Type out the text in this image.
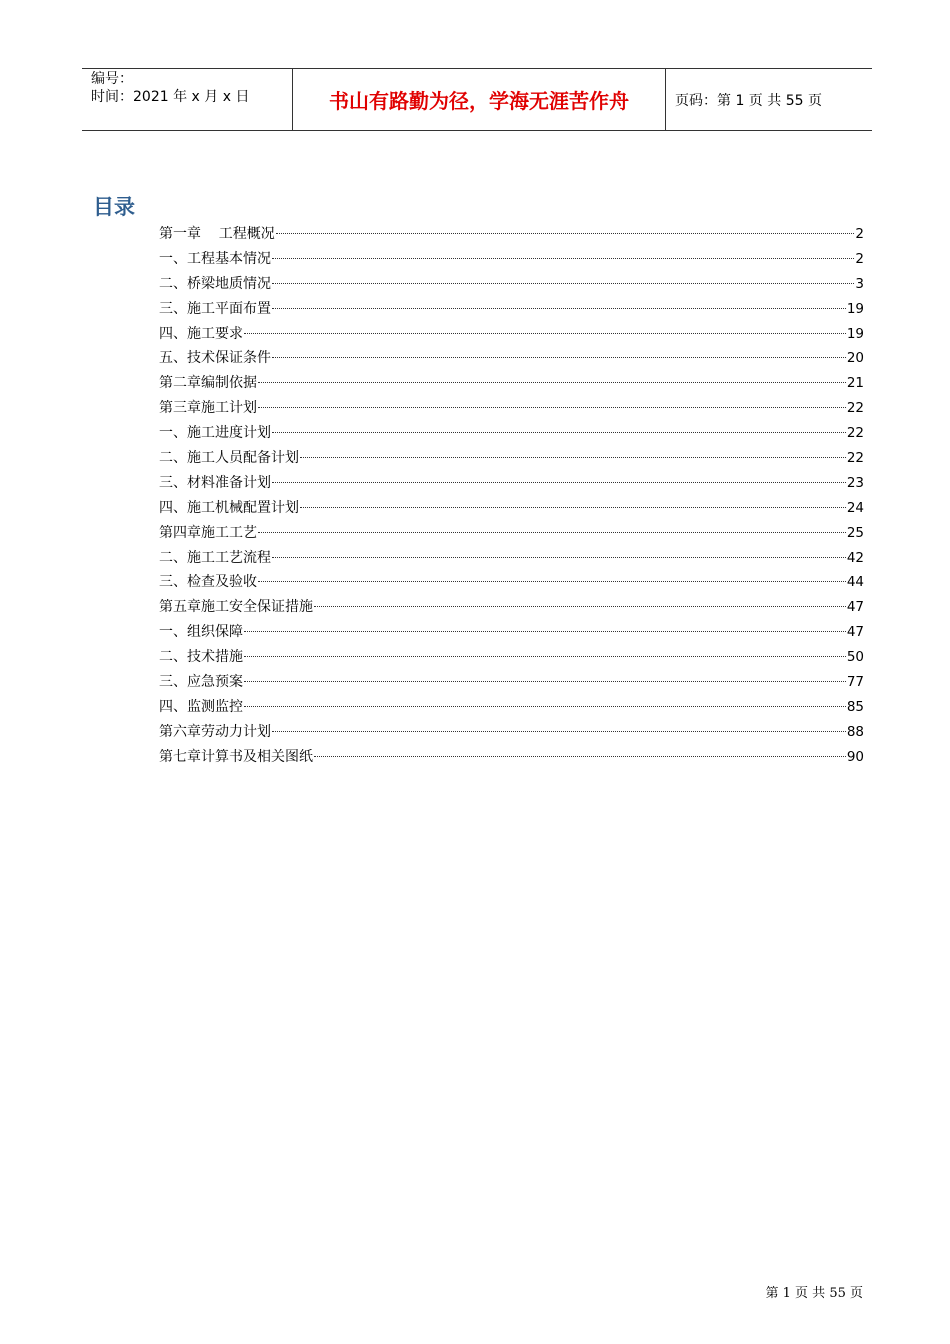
编号：
时间：2021 年 x 月 x 日	书山有路勤为径，学海无涯苦作舟	页码：第 1 页 共 55 页
目录
第一章    工程概况	2
一、工程基本情况	2
二、桥梁地质情况	3
三、施工平面布置	19
四、施工要求	19
五、技术保证条件	20
第二章编制依据	21
第三章施工计划	22
一、施工进度计划	22
二、施工人员配备计划	22
三、材料准备计划	23
四、施工机械配置计划	24
第四章施工工艺	25
二、施工工艺流程	42
三、检查及验收	44
第五章施工安全保证措施	47
一、组织保障	47
二、技术措施	50
三、应急预案	77
四、监测监控	85
第六章劳动力计划	88
第七章计算书及相关图纸	90
第 1 页 共 55 页
